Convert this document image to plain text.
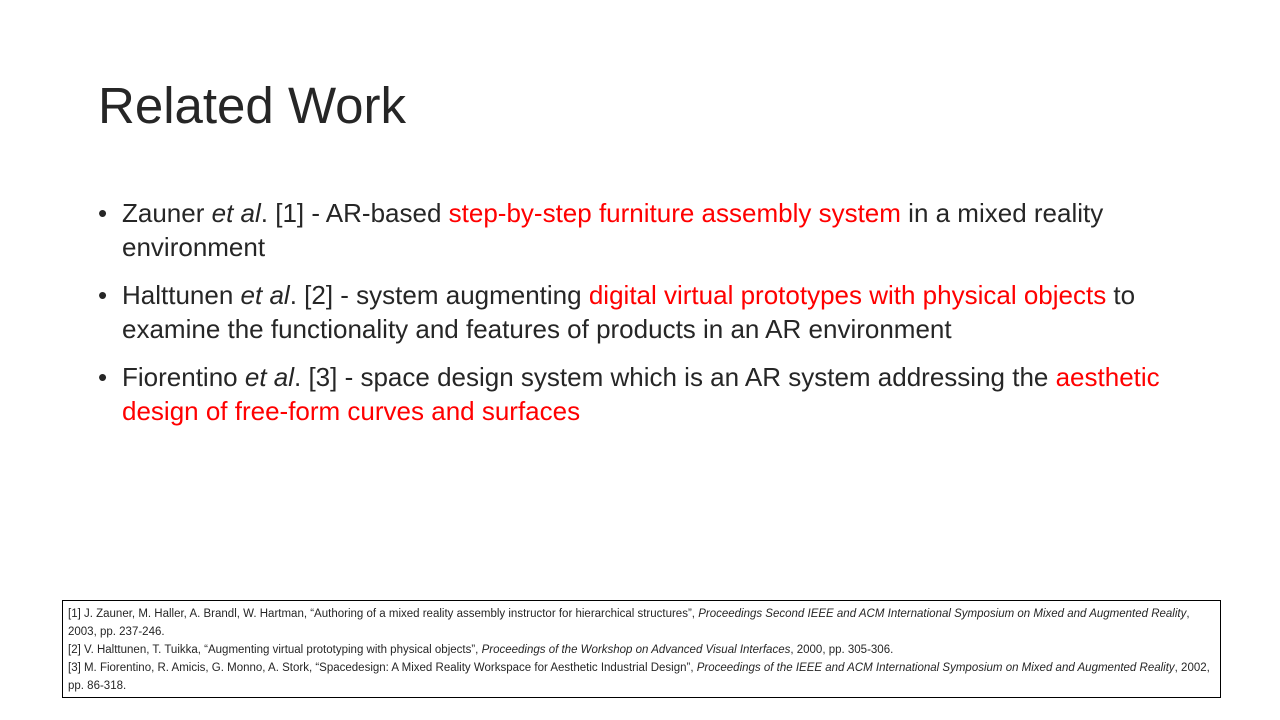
Related Work
• Zauner et al. [1] - AR-based step-by-step furniture assembly system in a mixed reality environment
• Halttunen et al. [2] - system augmenting digital virtual prototypes with physical objects to examine the functionality and features of products in an AR environment
• Fiorentino et al. [3] - space design system which is an AR system addressing the aesthetic design of free-form curves and surfaces
[1] J. Zauner, M. Haller, A. Brandl, W. Hartman, “Authoring of a mixed reality assembly instructor for hierarchical structures”, Proceedings Second IEEE and ACM International Symposium on Mixed and Augmented Reality, 2003, pp. 237-246.
[2] V. Halttunen, T. Tuikka, “Augmenting virtual prototyping with physical objects”, Proceedings of the Workshop on Advanced Visual Interfaces, 2000, pp. 305-306.
[3] M. Fiorentino, R. Amicis, G. Monno, A. Stork, “Spacedesign: A Mixed Reality Workspace for Aesthetic Industrial Design”, Proceedings of the IEEE and ACM International Symposium on Mixed and Augmented Reality, 2002, pp. 86-318.
